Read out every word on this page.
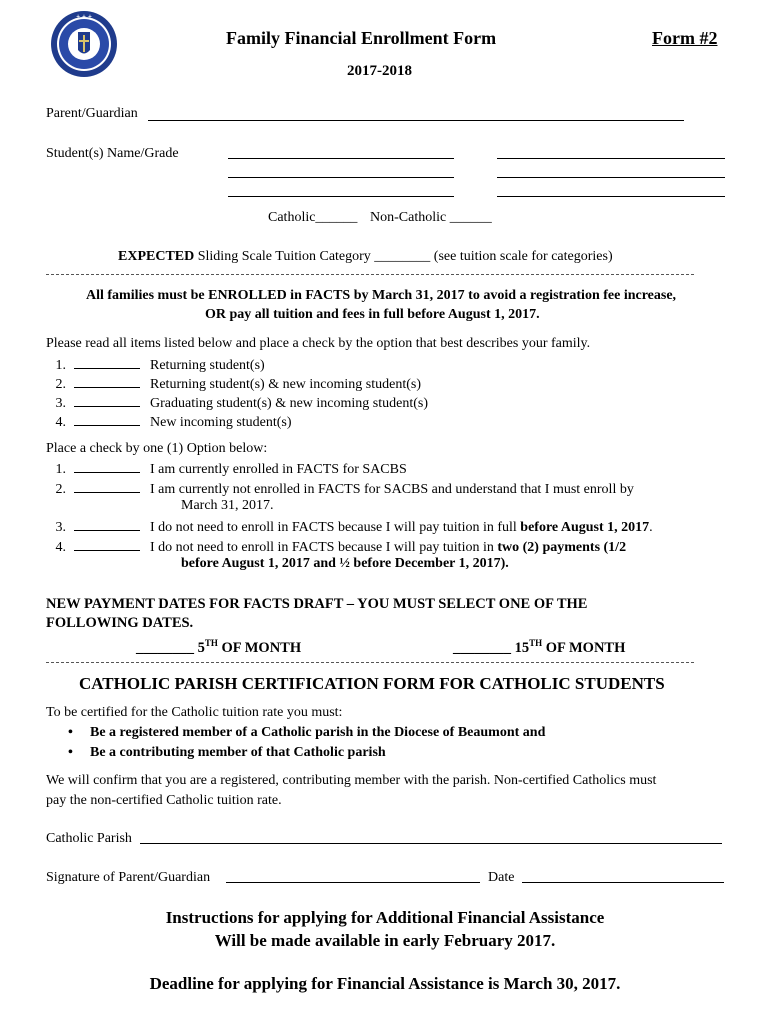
+ + +
Family Financial Enrollment Form	Form #2
2017-2018
Parent/Guardian
Student(s) Name/Grade
Catholic______ Non-Catholic ______
EXPECTED Sliding Scale Tuition Category ________ (see tuition scale for categories)
All families must be ENROLLED in FACTS by March 31, 2017 to avoid a registration fee increase,
OR pay all tuition and fees in full before August 1, 2017.
Please read all items listed below and place a check by the option that best describes your family.
1.	Returning student(s)
2.	Returning student(s) & new incoming student(s)
3.	Graduating student(s) & new incoming student(s)
4.	New incoming student(s)
Place a check by one (1) Option below:
1.	I am currently enrolled in FACTS for SACBS
2.	I am currently not enrolled in FACTS for SACBS and understand that I must enroll by
March 31, 2017.
3.	I do not need to enroll in FACTS because I will pay tuition in full before August 1, 2017.
4.	I do not need to enroll in FACTS because I will pay tuition in two (2) payments (1/2
before August 1, 2017 and ½ before December 1, 2017).
NEW PAYMENT DATES FOR FACTS DRAFT – YOU MUST SELECT ONE OF THE
FOLLOWING DATES.
________ 5TH OF MONTH	________ 15TH OF MONTH
CATHOLIC PARISH CERTIFICATION FORM FOR CATHOLIC STUDENTS
To be certified for the Catholic tuition rate you must:
• Be a registered member of a Catholic parish in the Diocese of Beaumont and
• Be a contributing member of that Catholic parish
We will confirm that you are a registered, contributing member with the parish. Non-certified Catholics must
pay the non-certified Catholic tuition rate.
Catholic Parish
Signature of Parent/Guardian	Date
Instructions for applying for Additional Financial Assistance
Will be made available in early February 2017.
Deadline for applying for Financial Assistance is March 30, 2017.
